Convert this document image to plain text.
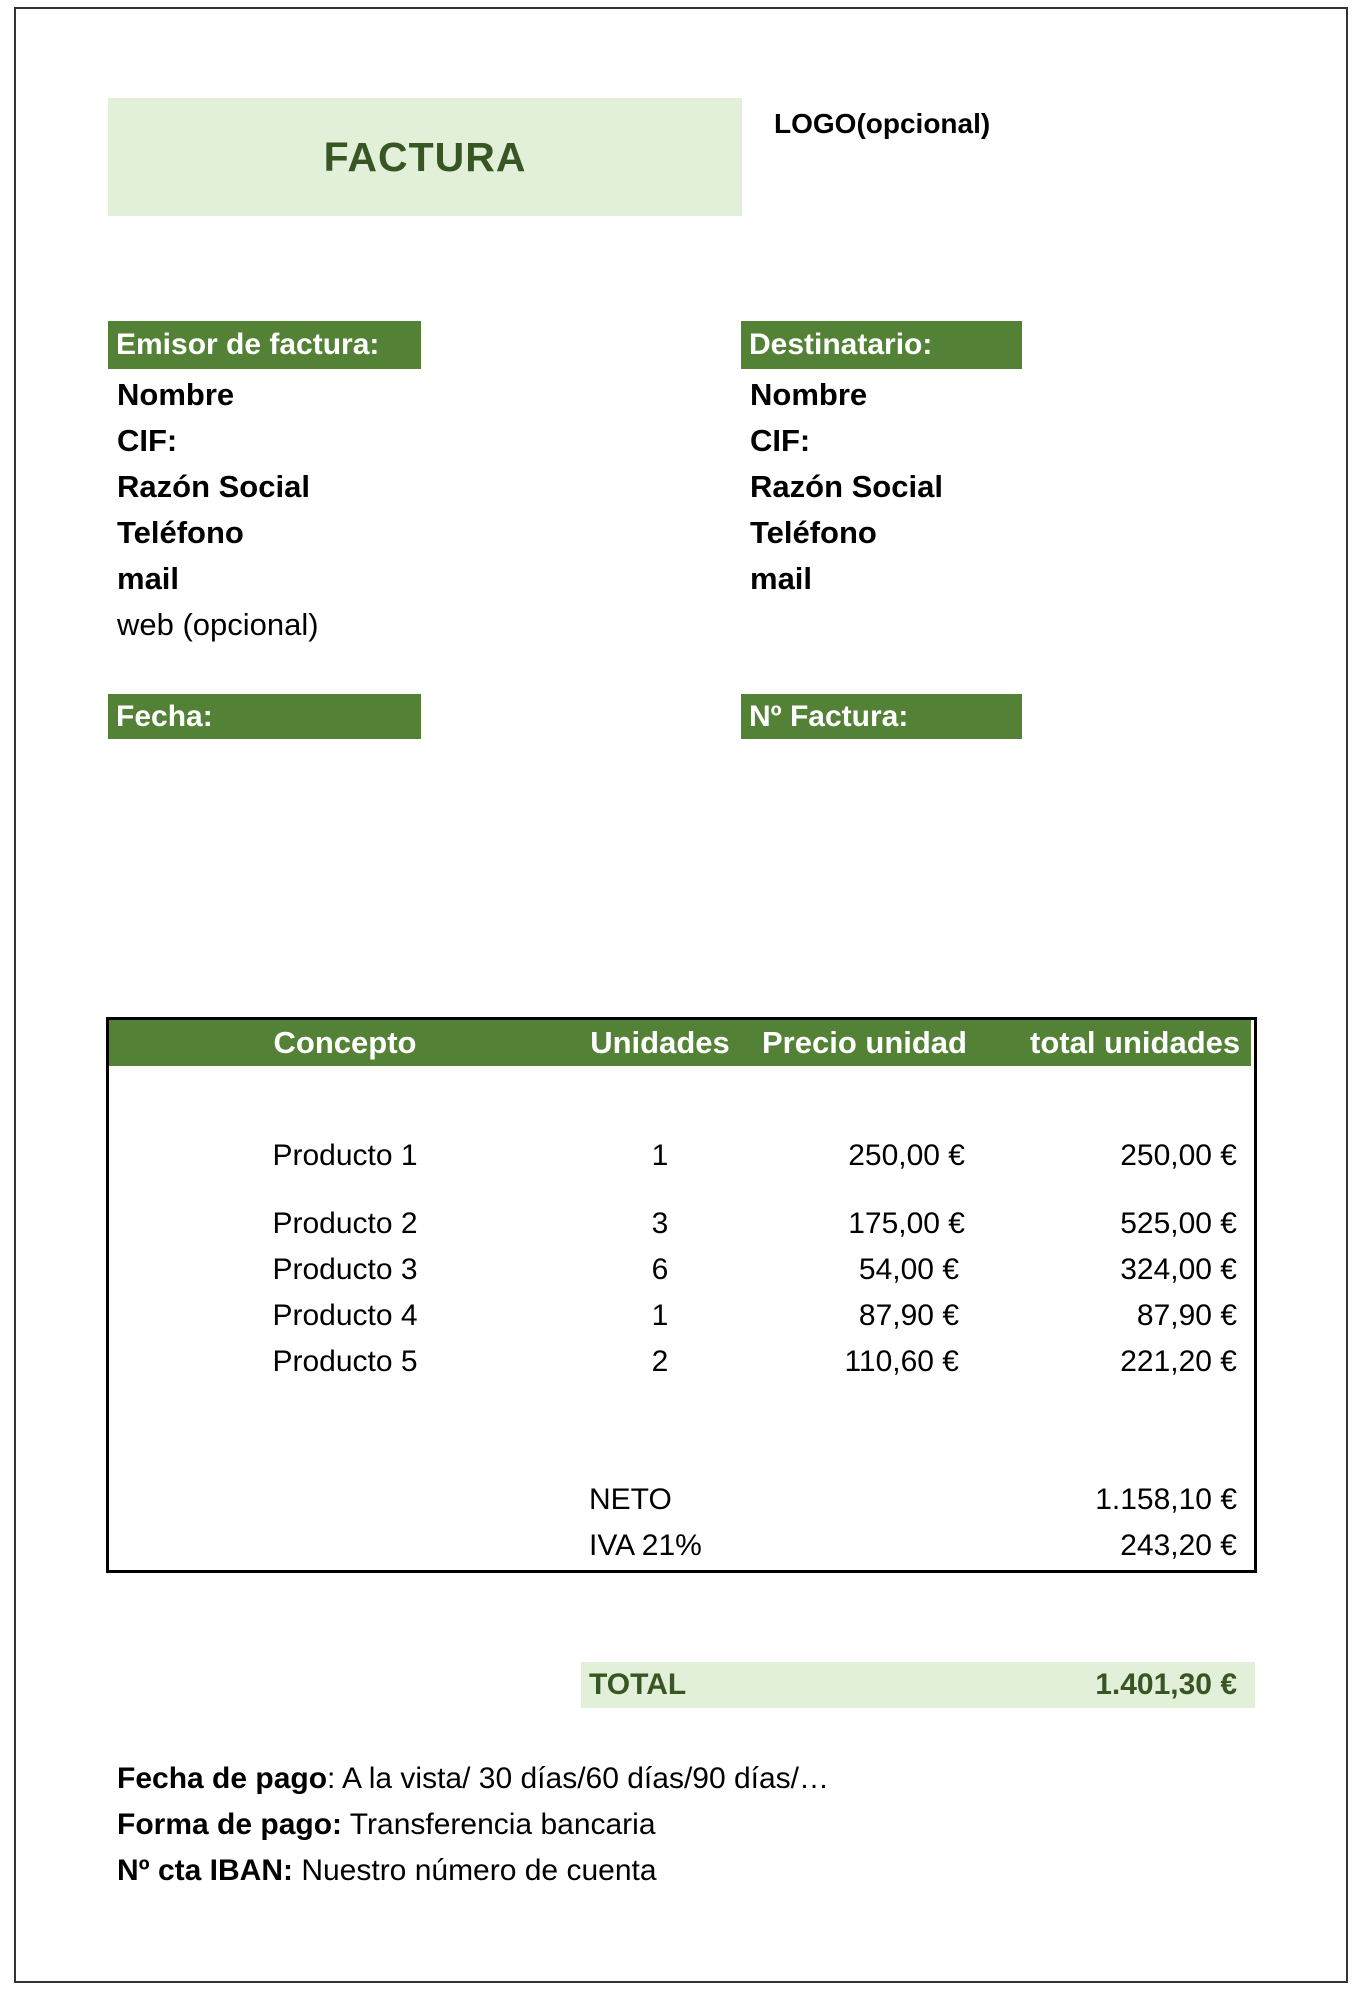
FACTURA
LOGO(opcional)
Emisor de factura:
Nombre
CIF:
Razón Social
Teléfono
mail
web (opcional)
Destinatario:
Nombre
CIF:
Razón Social
Teléfono
mail
Fecha:	Nº Factura:
Concepto	Unidades	Precio unidad	total unidades
Producto 1	1	250,00 €	250,00 €
Producto 2	3	175,00 €	525,00 €
Producto 3	6	54,00 €	324,00 €
Producto 4	1	87,90 €	87,90 €
Producto 5	2	110,60 €	221,20 €
NETO	1.158,10 €
IVA 21%	243,20 €
TOTAL	1.401,30 €
Fecha de pago: A la vista/ 30 días/60 días/90 días/…
Forma de pago: Transferencia bancaria
Nº cta IBAN: Nuestro número de cuenta
